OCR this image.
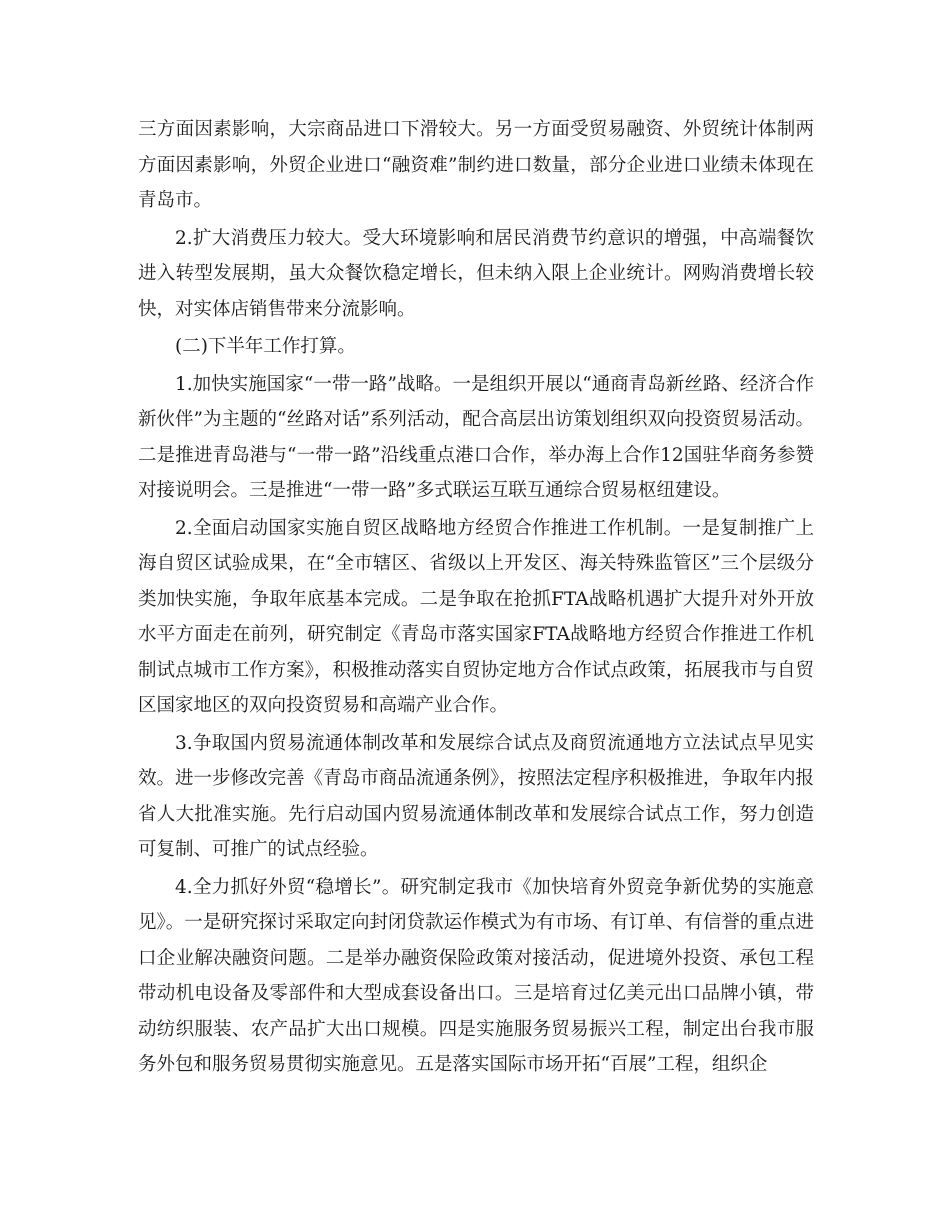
三方面因素影响，大宗商品进口下滑较大。另一方面受贸易融资、外贸统计体制两方面因素影响，外贸企业进口“融资难”制约进口数量，部分企业进口业绩未体现在青岛市。

2.扩大消费压力较大。受大环境影响和居民消费节约意识的增强，中高端餐饮进入转型发展期，虽大众餐饮稳定增长，但未纳入限上企业统计。网购消费增长较快，对实体店销售带来分流影响。

(二)下半年工作打算。

1.加快实施国家“一带一路”战略。一是组织开展以“通商青岛新丝路、经济合作新伙伴”为主题的“丝路对话”系列活动，配合高层出访策划组织双向投资贸易活动。二是推进青岛港与“一带一路”沿线重点港口合作，举办海上合作12国驻华商务参赞对接说明会。三是推进“一带一路”多式联运互联互通综合贸易枢纽建设。

2.全面启动国家实施自贸区战略地方经贸合作推进工作机制。一是复制推广上海自贸区试验成果，在“全市辖区、省级以上开发区、海关特殊监管区”三个层级分类加快实施，争取年底基本完成。二是争取在抢抓FTA战略机遇扩大提升对外开放水平方面走在前列，研究制定《青岛市落实国家FTA战略地方经贸合作推进工作机制试点城市工作方案》，积极推动落实自贸协定地方合作试点政策，拓展我市与自贸区国家地区的双向投资贸易和高端产业合作。

3.争取国内贸易流通体制改革和发展综合试点及商贸流通地方立法试点早见实效。进一步修改完善《青岛市商品流通条例》，按照法定程序积极推进，争取年内报省人大批准实施。先行启动国内贸易流通体制改革和发展综合试点工作，努力创造可复制、可推广的试点经验。

4.全力抓好外贸“稳增长”。研究制定我市《加快培育外贸竞争新优势的实施意见》。一是研究探讨采取定向封闭贷款运作模式为有市场、有订单、有信誉的重点进口企业解决融资问题。二是举办融资保险政策对接活动，促进境外投资、承包工程带动机电设备及零部件和大型成套设备出口。三是培育过亿美元出口品牌小镇，带动纺织服装、农产品扩大出口规模。四是实施服务贸易振兴工程，制定出台我市服务外包和服务贸易贯彻实施意见。五是落实国际市场开拓“百展”工程，组织企
